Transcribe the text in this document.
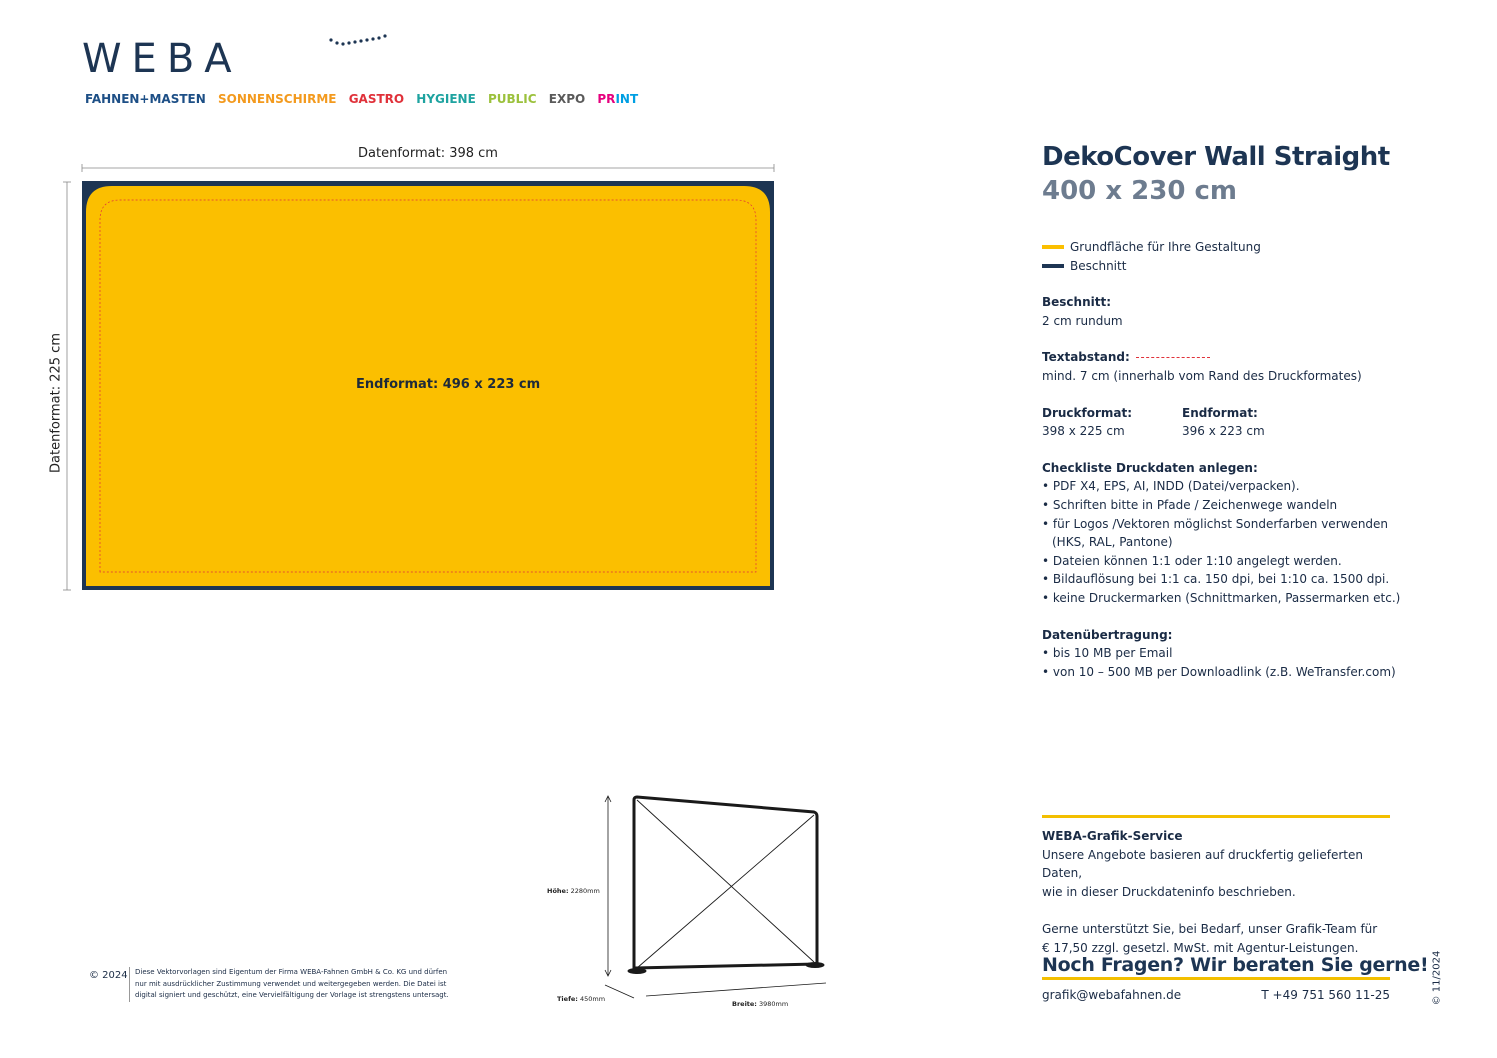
WEBA
FAHNEN+MASTEN SONNENSCHIRME GASTRO HYGIENE PUBLIC EXPO PRINT
Datenformat: 398 cm
Datenformat: 225 cm	Endformat: 496 x 223 cm
Höhe: 2280mm
Tiefe: 450mm
Breite: 3980mm
DekoCover Wall Straight
400 x 230 cm
Grundfläche für Ihre Gestaltung
Beschnitt
Beschnitt:
2 cm rundum
Textabstand:
mind. 7 cm (innerhalb vom Rand des Druckformates)
Druckformat:
398 x 225 cm
Endformat:
396 x 223 cm
Checkliste Druckdaten anlegen:
• PDF X4, EPS, AI, INDD (Datei/verpacken).
• Schriften bitte in Pfade / Zeichenwege wandeln
• für Logos /Vektoren möglichst Sonderfarben verwenden
(HKS, RAL, Pantone)
• Dateien können 1:1 oder 1:10 angelegt werden.
• Bildauflösung bei 1:1 ca. 150 dpi, bei 1:10 ca. 1500 dpi.
• keine Druckermarken (Schnittmarken, Passermarken etc.)
Datenübertragung:
• bis 10 MB per Email
• von 10 – 500 MB per Downloadlink (z.B. WeTransfer.com)
WEBA-Grafik-Service
Unsere Angebote basieren auf druckfertig gelieferten Daten,
wie in dieser Druckdateninfo beschrieben.
Gerne unterstützt Sie, bei Bedarf, unser Grafik-Team für
€ 17,50 zzgl. gesetzl. MwSt. mit Agentur-Leistungen.
Noch Fragen? Wir beraten Sie gerne!
grafik@webafahnen.de	T +49 751 560 11-25	© 11/2024
© 2024	Diese Vektorvorlagen sind Eigentum der Firma WEBA-Fahnen GmbH & Co. KG und dürfen nur mit ausdrücklicher Zustimmung verwendet und weitergegeben werden. Die Datei ist digital signiert und geschützt, eine Vervielfältigung der Vorlage ist strengstens untersagt.
